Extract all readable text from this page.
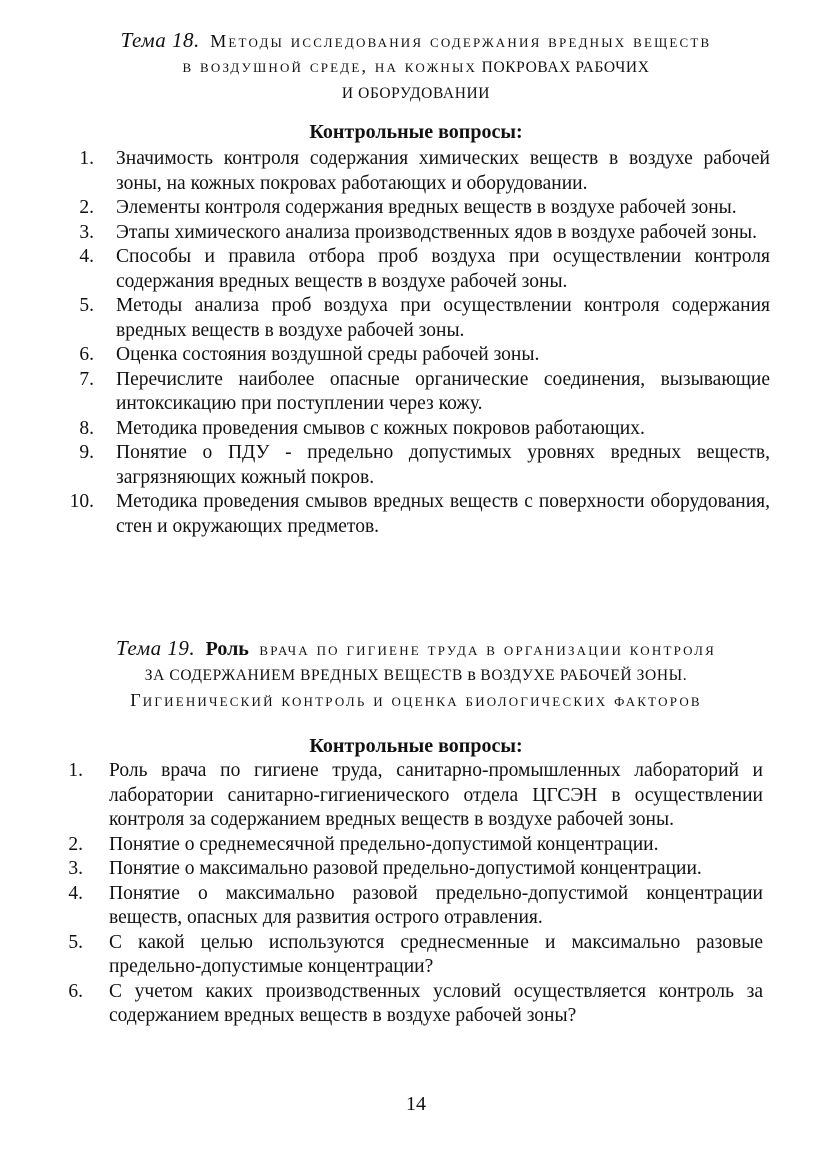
Тема 18. Методы исследования содержания вредных веществ
в воздушной среде, на кожных ПОКРОВАХ РАБОЧИХ
И ОБОРУДОВАНИИ
Контрольные вопросы:
1. Значимость контроля содержания химических веществ в воздухе рабочей зоны, на кожных покровах работающих и оборудовании.
2. Элементы контроля содержания вредных веществ в воздухе рабочей зоны.
3. Этапы химического анализа производственных ядов в воздухе рабочей зоны.
4. Способы и правила отбора проб воздуха при осуществлении контроля содержания вредных веществ в воздухе рабочей зоны.
5. Методы анализа проб воздуха при осуществлении контроля содержания вредных веществ в воздухе рабочей зоны.
6. Оценка состояния воздушной среды рабочей зоны.
7. Перечислите наиболее опасные органические соединения, вызывающие интоксикацию при поступлении через кожу.
8. Методика проведения смывов с кожных покровов работающих.
9. Понятие о ПДУ - предельно допустимых уровнях вредных веществ, загрязняющих кожный покров.
10. Методика проведения смывов вредных веществ с поверхности оборудования, стен и окружающих предметов.
Тема 19. Роль врача по гигиене труда в организации контроля
ЗА СОДЕРЖАНИЕМ ВРЕДНЫХ ВЕЩЕСТВ в ВОЗДУХЕ РАБОЧЕЙ ЗОНЫ.
Гигиенический контроль и оценка биологических факторов
Контрольные вопросы:
1. Роль врача по гигиене труда, санитарно-промышленных лабораторий и лаборатории санитарно-гигиенического отдела ЦГСЭН в осуществлении контроля за содержанием вредных веществ в воздухе рабочей зоны.
2. Понятие о среднемесячной предельно-допустимой концентрации.
3. Понятие о максимально разовой предельно-допустимой концентрации.
4. Понятие о максимально разовой предельно-допустимой концентрации веществ, опасных для развития острого отравления.
5. С какой целью используются среднесменные и максимально разовые предельно-допустимые концентрации?
6. С учетом каких производственных условий осуществляется контроль за содержанием вредных веществ в воздухе рабочей зоны?
14
